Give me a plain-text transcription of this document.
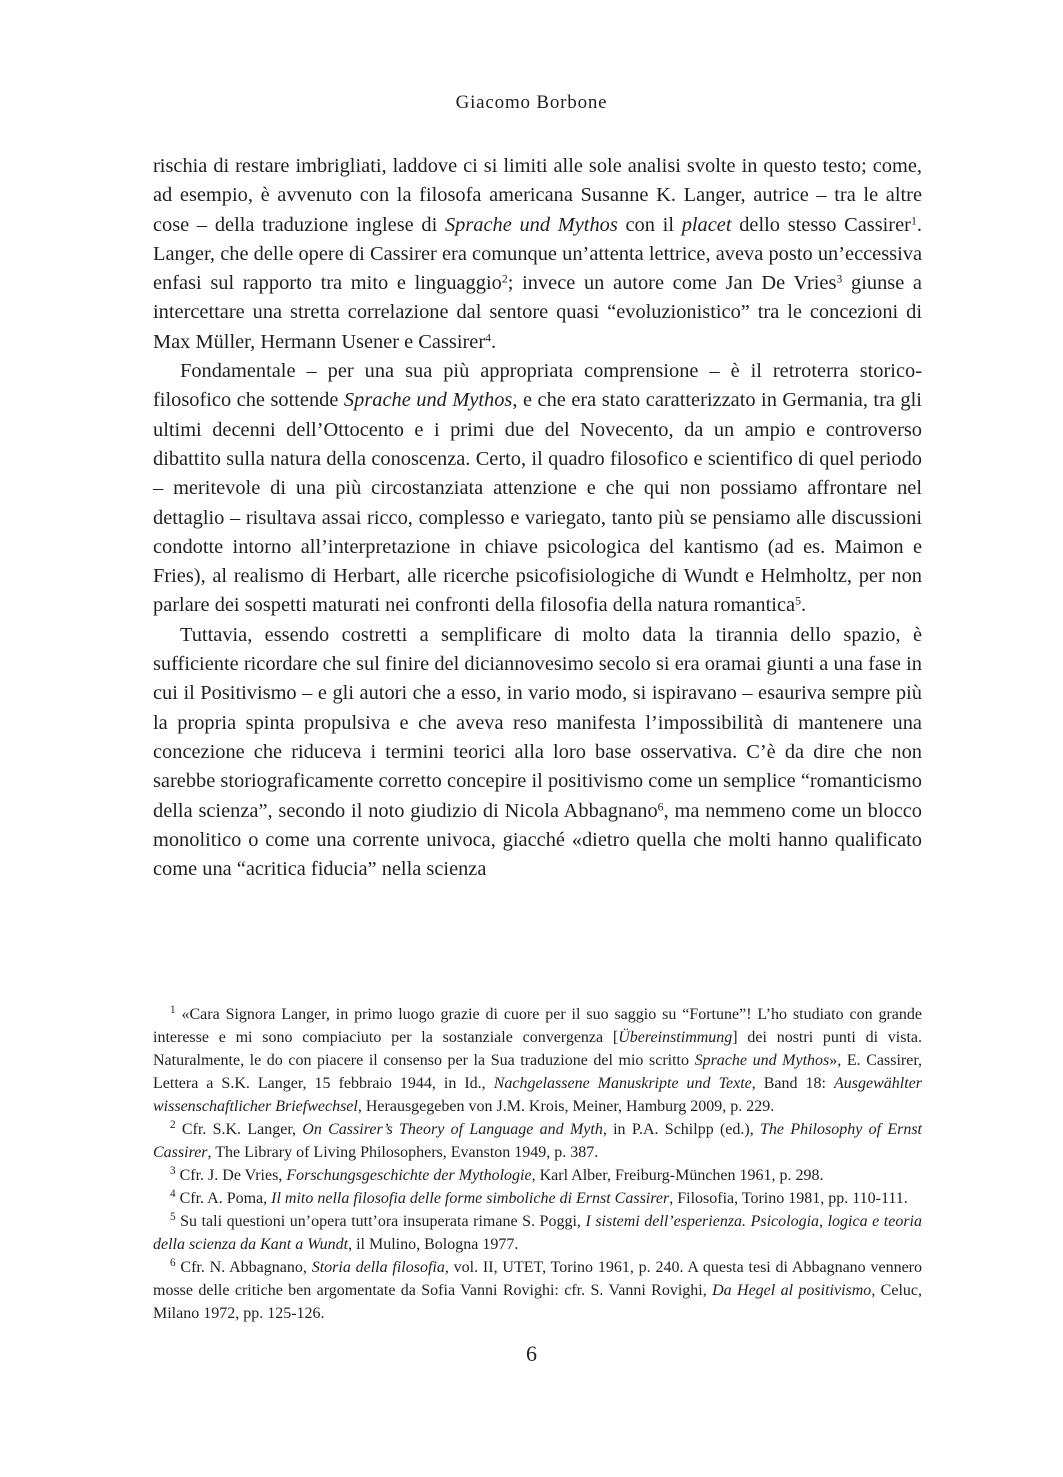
Giacomo Borbone

rischia di restare imbrigliati, laddove ci si limiti alle sole analisi svolte in questo testo; come, ad esempio, è avvenuto con la filosofa americana Susanne K. Langer, autrice – tra le altre cose – della traduzione inglese di Sprache und Mythos con il placet dello stesso Cassirer$^1$. Langer, che delle opere di Cassirer era comunque un’attenta lettrice, aveva posto un’eccessiva enfasi sul rapporto tra mito e linguaggio$^2$; invece un autore come Jan De Vries$^3$ giunse a intercettare una stretta correlazione dal sentore quasi “evoluzionistico” tra le concezioni di Max Müller, Hermann Usener e Cassirer$^4$.

Fondamentale – per una sua più appropriata comprensione – è il retroterra storico-filosofico che sottende Sprache und Mythos, e che era stato caratterizzato in Germania, tra gli ultimi decenni dell’Ottocento e i primi due del Novecento, da un ampio e controverso dibattito sulla natura della conoscenza. Certo, il quadro filosofico e scientifico di quel periodo – meritevole di una più circostanziata attenzione e che qui non possiamo affrontare nel dettaglio – risultava assai ricco, complesso e variegato, tanto più se pensiamo alle discussioni condotte intorno all’interpretazione in chiave psicologica del kantismo (ad es. Maimon e Fries), al realismo di Herbart, alle ricerche psicofisiologiche di Wundt e Helmholtz, per non parlare dei sospetti maturati nei confronti della filosofia della natura romantica$^5$.

Tuttavia, essendo costretti a semplificare di molto data la tirannia dello spazio, è sufficiente ricordare che sul finire del diciannovesimo secolo si era oramai giunti a una fase in cui il Positivismo – e gli autori che a esso, in vario modo, si ispiravano – esauriva sempre più la propria spinta propulsiva e che aveva reso manifesta l’impossibilità di mantenere una concezione che riduceva i termini teorici alla loro base osservativa. C’è da dire che non sarebbe storiograficamente corretto concepire il positivismo come un semplice “romanticismo della scienza”, secondo il noto giudizio di Nicola Abbagnano$^6$, ma nemmeno come un blocco monolitico o come una corrente univoca, giacché «dietro quella che molti hanno qualificato come una “acritica fiducia” nella scienza

$^1$ «Cara Signora Langer, in primo luogo grazie di cuore per il suo saggio su “Fortune”! L’ho studiato con grande interesse e mi sono compiaciuto per la sostanziale convergenza [Übereinstimmung] dei nostri punti di vista. Naturalmente, le do con piacere il consenso per la Sua traduzione del mio scritto Sprache und Mythos», E. Cassirer, Lettera a S.K. Langer, 15 febbraio 1944, in Id., Nachgelassene Manuskripte und Texte, Band 18: Ausgewählter wissenschaftlicher Briefwechsel, Herausgegeben von J.M. Krois, Meiner, Hamburg 2009, p. 229.

$^2$ Cfr. S.K. Langer, On Cassirer’s Theory of Language and Myth, in P.A. Schilpp (ed.), The Philosophy of Ernst Cassirer, The Library of Living Philosophers, Evanston 1949, p. 387.

$^3$ Cfr. J. De Vries, Forschungsgeschichte der Mythologie, Karl Alber, Freiburg-München 1961, p. 298.

$^4$ Cfr. A. Poma, Il mito nella filosofia delle forme simboliche di Ernst Cassirer, Filosofia, Torino 1981, pp. 110-111.

$^5$ Su tali questioni un’opera tutt’ora insuperata rimane S. Poggi, I sistemi dell’esperienza. Psicologia, logica e teoria della scienza da Kant a Wundt, il Mulino, Bologna 1977.

$^6$ Cfr. N. Abbagnano, Storia della filosofia, vol. II, UTET, Torino 1961, p. 240. A questa tesi di Abbagnano vennero mosse delle critiche ben argomentate da Sofia Vanni Rovighi: cfr. S. Vanni Rovighi, Da Hegel al positivismo, Celuc, Milano 1972, pp. 125-126.

6
